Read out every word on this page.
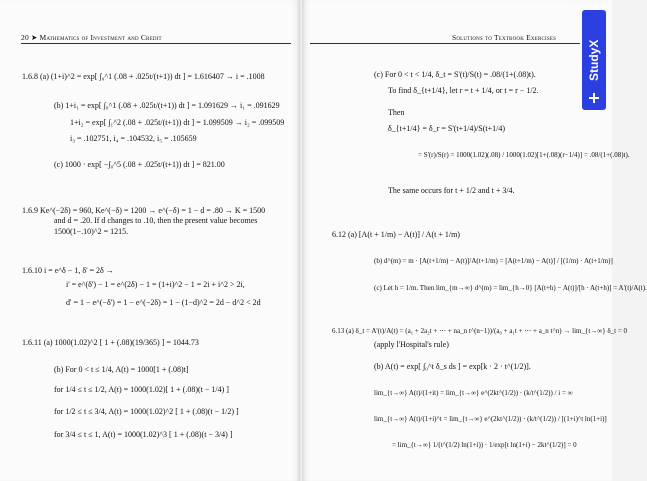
20 ➤ Mathematics of Investment and Credit
1.6.8 (a) (1+i)^2 = exp[ ∫₀^1 (.08 + .025t/(t+1)) dt ] = 1.616407 → i = .1008
(b) 1+i₁ = exp[ ∫₀^1 (.08 + .025t/(t+1)) dt ] = 1.091629 → i₁ = .091629
1+i₂ = exp[ ∫₁^2 (.08 + .025t/(t+1)) dt ] = 1.099509 → i₂ = .099509
i₃ = .102751, i₄ = .104532, i₅ = .105659
(c) 1000 · exp[ −∫₀^5 (.08 + .025t/(t+1)) dt ] = 821.00
1.6.9 Ke^(−2δ) = 960, Ke^(−δ) = 1200 → e^(−δ) = 1 − d = .80 → K = 1500
and d = .20. If d changes to .10, then the present value becomes
1500(1−.10)^2 = 1215.
1.6.10 i = e^δ − 1, δ' = 2δ →
i' = e^(δ') − 1 = e^(2δ) − 1 = (1+i)^2 − 1 = 2i + i^2 > 2i,
d' = 1 − e^(−δ') = 1 − e^(−2δ) = 1 − (1−d)^2 = 2d − d^2 < 2d
1.6.11 (a) 1000(1.02)^2 [ 1 + (.08)(19/365) ] = 1044.73
(b) For 0 < t ≤ 1/4, A(t) = 1000[1 + (.08)t]
for 1/4 ≤ t ≤ 1/2, A(t) = 1000(1.02)[ 1 + (.08)(t − 1/4) ]
for 1/2 ≤ t ≤ 3/4, A(t) = 1000(1.02)^2 [ 1 + (.08)(t − 1/2) ]
for 3/4 ≤ t ≤ 1, A(t) = 1000(1.02)^3 [ 1 + (.08)(t − 3/4) ]
Solutions to Textbook Exercises
(c) For 0 < t < 1/4, δ_t = S'(t)/S(t) = .08/(1+(.08)t).
To find δ_{t+1/4}, let r = t + 1/4, or t = r − 1/2.
Then
δ_{t+1/4} = δ_r = S'(t+1/4)/S(t+1/4)
= S'(r)/S(r) = 1000(1.02)(.08) / 1000(1.02)[1+(.08)(r−1/4)] = .08/(1+(.08)t).
The same occurs for t + 1/2 and t + 3/4.
6.12 (a) [A(t + 1/m) − A(t)] / A(t + 1/m)
(b) d^(m) = m · [A(t+1/m) − A(t)]/A(t+1/m) = [A(t+1/m) − A(t)] / [(1/m) · A(t+1/m)]
(c) Let h = 1/m. Then lim_{m→∞} d^(m) = lim_{h→0} [A(t+h) − A(t)]/[h · A(t+h)] = A'(t)/A(t).
6.13 (a) δ_t = A'(t)/A(t) = (a₁ + 2a₂t + ⋯ + na_n t^(n−1))/(a₀ + a₁t + ⋯ + a_n t^n) → lim_{t→∞} δ_t = 0
(apply l'Hospital's rule)
(b) A(t) = exp[ ∫₀^t δ_s ds ] = exp[k · 2 · t^(1/2)].
lim_{t→∞} A(t)/(1+it) = lim_{t→∞} e^(2kt^(1/2)) · (k/t^(1/2)) / i = ∞
lim_{t→∞} A(t)/(1+i)^t = lim_{t→∞} e^(2kt^(1/2)) · (k/t^(1/2)) / [(1+i)^t ln(1+i)]
= lim_{t→∞} 1/(t^(1/2) ln(1+i)) · 1/exp[t ln(1+i) − 2kt^(1/2)] = 0
StudyX
